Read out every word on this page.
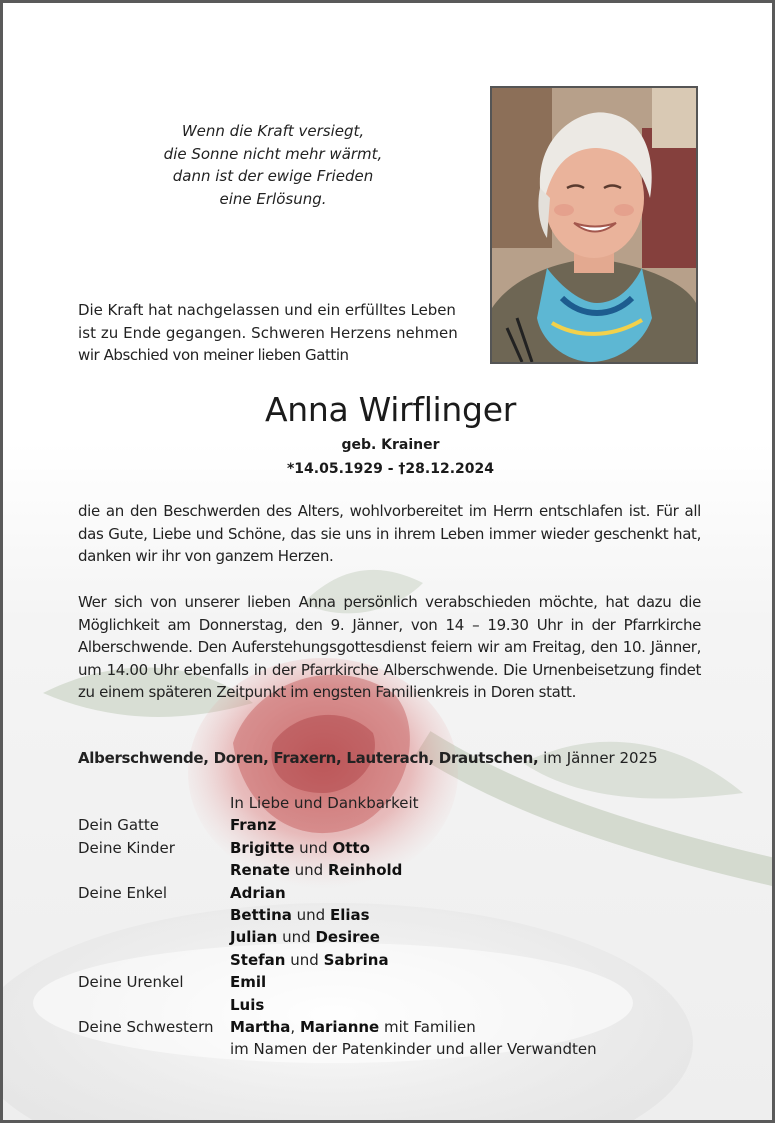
Wenn die Kraft versiegt,
die Sonne nicht mehr wärmt,
dann ist der ewige Frieden
eine Erlösung.
Die Kraft hat nachgelassen und ein erfülltes Leben
ist zu Ende gegangen. Schweren Herzens nehmen
wir Abschied von meiner lieben Gattin
Anna Wirflinger
geb. Krainer
*14.05.1929 - †28.12.2024
die an den Beschwerden des Alters, wohlvorbereitet im Herrn entschlafen ist. Für all das Gute, Liebe und Schöne, das sie uns in ihrem Leben immer wieder geschenkt hat, danken wir ihr von ganzem Herzen.
Wer sich von unserer lieben Anna persönlich verabschieden möchte, hat dazu die Möglichkeit am Donnerstag, den 9. Jänner, von 14 – 19.30 Uhr in der Pfarrkirche Alberschwende. Den Auferstehungsgottesdienst feiern wir am Freitag, den 10. Jänner, um 14.00 Uhr ebenfalls in der Pfarrkirche Alberschwende. Die Urnenbeisetzung findet zu einem späteren Zeitpunkt im engsten Familienkreis in Doren statt.
Alberschwende, Doren, Fraxern, Lauterach, Drautschen, im Jänner 2025
In Liebe und Dankbarkeit
Dein Gatte	Franz
Deine Kinder	Brigitte und Otto
Renate und Reinhold
Deine Enkel	Adrian
Bettina und Elias
Julian und Desiree
Stefan und Sabrina
Deine Urenkel	Emil
Luis
Deine Schwestern	Martha, Marianne mit Familien
im Namen der Patenkinder und aller Verwandten
